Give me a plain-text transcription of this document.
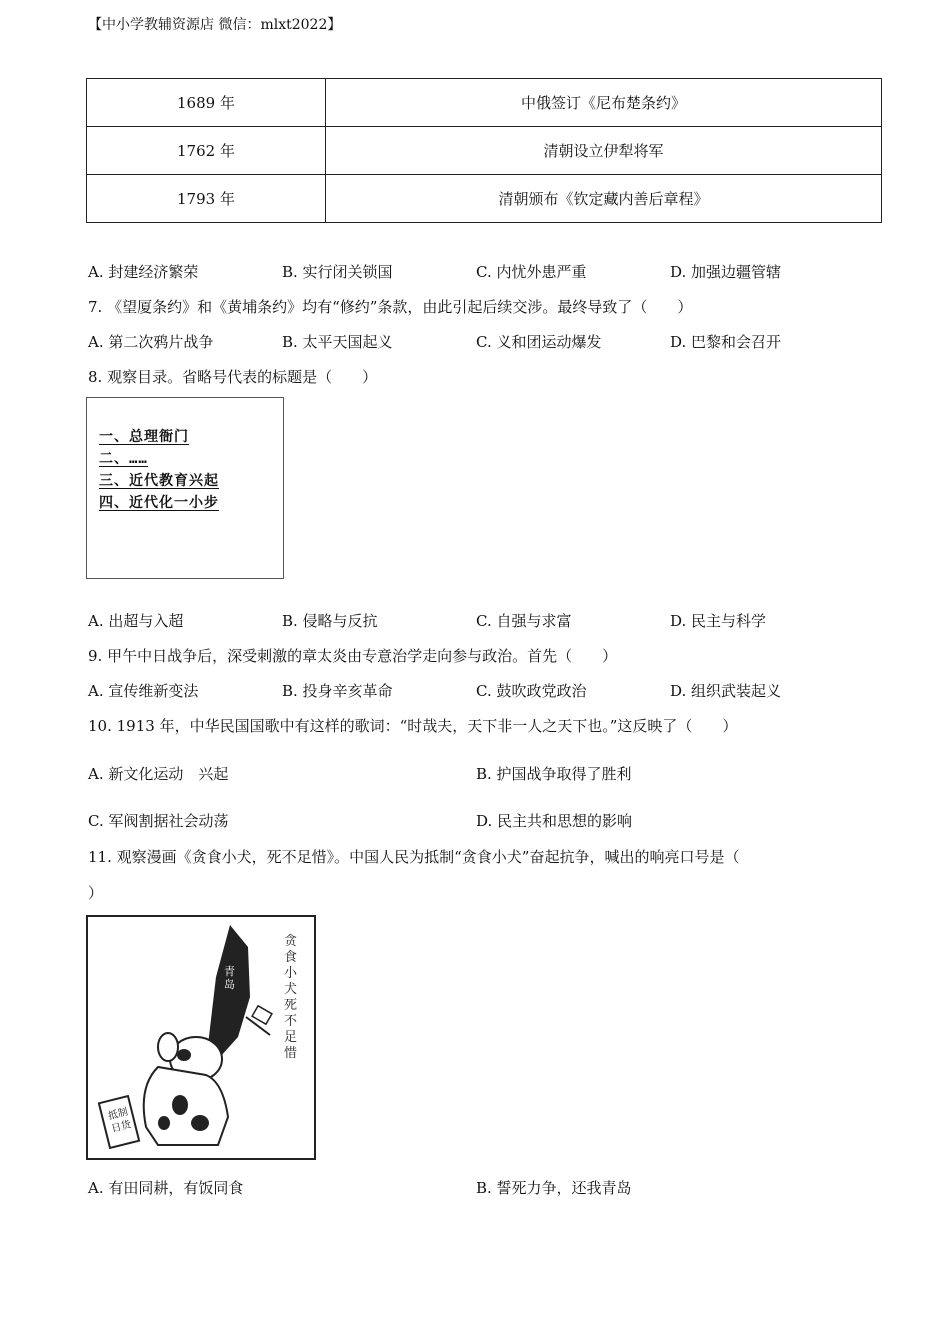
【中小学教辅资源店 微信：mlxt2022】
1689 年	中俄签订《尼布楚条约》
1762 年	清朝设立伊犁将军
1793 年	清朝颁布《钦定藏内善后章程》
A. 封建经济繁荣	B. 实行闭关锁国	C. 内忧外患严重	D. 加强边疆管辖
7. 《望厦条约》和《黄埔条约》均有“修约”条款，由此引起后续交涉。最终导致了（　　）
A. 第二次鸦片战争	B. 太平天国起义	C. 义和团运动爆发	D. 巴黎和会召开
8. 观察目录。省略号代表的标题是（　　）
一、总理衙门
二、……
三、近代教育兴起
四、近代化一小步
A. 出超与入超	B. 侵略与反抗	C. 自强与求富	D. 民主与科学
9. 甲午中日战争后，深受刺激的章太炎由专意治学走向参与政治。首先（　　）
A. 宣传维新变法	B. 投身辛亥革命	C. 鼓吹政党政治	D. 组织武装起义
10. 1913 年，中华民国国歌中有这样的歌词：“时哉夫，天下非一人之天下也。”这反映了（　　）
A. 新文化运动　兴起	B. 护国战争取得了胜利
C. 军阀割据社会动荡	D. 民主共和思想的影响
11. 观察漫画《贪食小犬，死不足惜》。中国人民为抵制“贪食小犬”奋起抗争，喊出的响亮口号是（
）
青岛
抵制日货
贪 食 小 犬 死 不 足 惜
A. 有田同耕，有饭同食	B. 誓死力争，还我青岛
